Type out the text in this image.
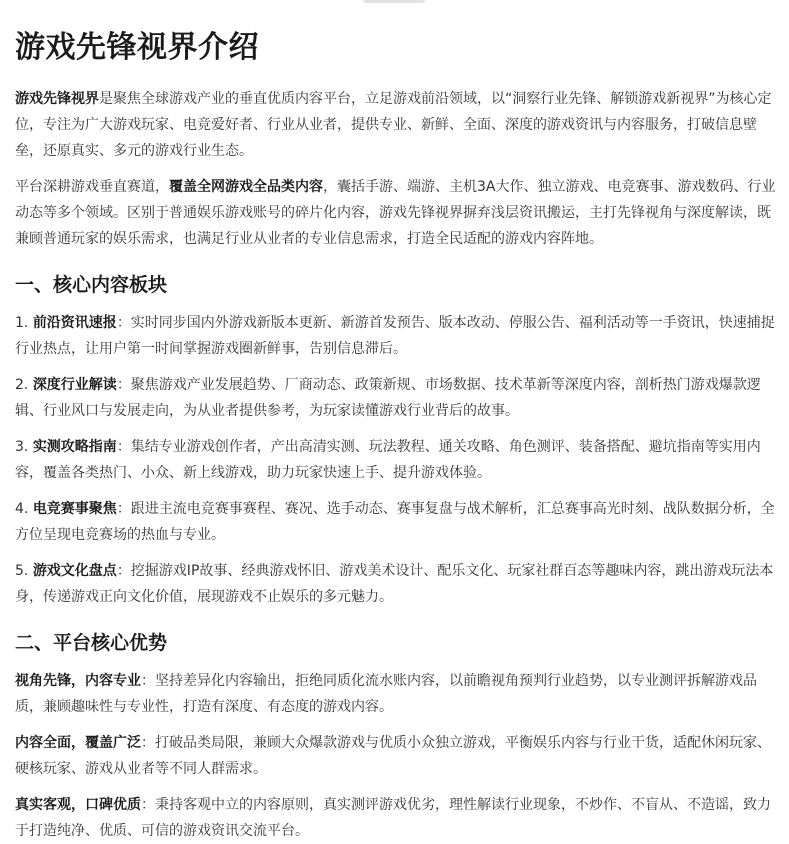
游戏先锋视界介绍

游戏先锋视界是聚焦全球游戏产业的垂直优质内容平台，立足游戏前沿领域，以“洞察行业先锋、解锁游戏新视界”为核心定位，专注为广大游戏玩家、电竞爱好者、行业从业者，提供专业、新鲜、全面、深度的游戏资讯与内容服务，打破信息壁垒，还原真实、多元的游戏行业生态。

平台深耕游戏垂直赛道，覆盖全网游戏全品类内容，囊括手游、端游、主机3A大作、独立游戏、电竞赛事、游戏数码、行业动态等多个领域。区别于普通娱乐游戏账号的碎片化内容，游戏先锋视界摒弃浅层资讯搬运，主打先锋视角与深度解读，既兼顾普通玩家的娱乐需求，也满足行业从业者的专业信息需求，打造全民适配的游戏内容阵地。

一、核心内容板块

1. 前沿资讯速报：实时同步国内外游戏新版本更新、新游首发预告、版本改动、停服公告、福利活动等一手资讯，快速捕捉行业热点，让用户第一时间掌握游戏圈新鲜事，告别信息滞后。

2. 深度行业解读：聚焦游戏产业发展趋势、厂商动态、政策新规、市场数据、技术革新等深度内容，剖析热门游戏爆款逻辑、行业风口与发展走向，为从业者提供参考，为玩家读懂游戏行业背后的故事。

3. 实测攻略指南：集结专业游戏创作者，产出高清实测、玩法教程、通关攻略、角色测评、装备搭配、避坑指南等实用内容，覆盖各类热门、小众、新上线游戏，助力玩家快速上手、提升游戏体验。

4. 电竞赛事聚焦：跟进主流电竞赛事赛程、赛况、选手动态、赛事复盘与战术解析，汇总赛事高光时刻、战队数据分析，全方位呈现电竞赛场的热血与专业。

5. 游戏文化盘点：挖掘游戏IP故事、经典游戏怀旧、游戏美术设计、配乐文化、玩家社群百态等趣味内容，跳出游戏玩法本身，传递游戏正向文化价值，展现游戏不止娱乐的多元魅力。

二、平台核心优势

视角先锋，内容专业：坚持差异化内容输出，拒绝同质化流水账内容，以前瞻视角预判行业趋势，以专业测评拆解游戏品质，兼顾趣味性与专业性，打造有深度、有态度的游戏内容。

内容全面，覆盖广泛：打破品类局限，兼顾大众爆款游戏与优质小众独立游戏，平衡娱乐内容与行业干货，适配休闲玩家、硬核玩家、游戏从业者等不同人群需求。

真实客观，口碑优质：秉持客观中立的内容原则，真实测评游戏优劣，理性解读行业现象，不炒作、不盲从、不造谣，致力于打造纯净、优质、可信的游戏资讯交流平台。
